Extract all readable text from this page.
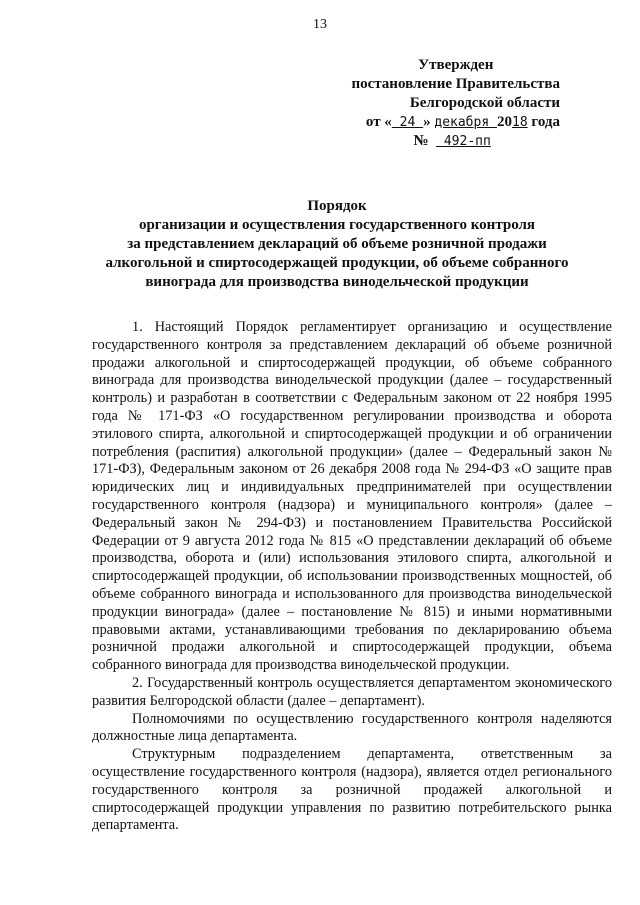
13
Утвержден
постановление Правительства
Белгородской области
от « 24 » декабря 2018 года
№   492-пп
Порядок
организации и осуществления государственного контроля
за представлением деклараций об объеме розничной продажи
алкогольной и спиртосодержащей продукции, об объеме собранного
винограда для производства винодельческой продукции

1. Настоящий Порядок регламентирует организацию и осуществление государственного контроля за представлением деклараций об объеме розничной продажи алкогольной и спиртосодержащей продукции, об объеме собранного винограда для производства винодельческой продукции (далее – государственный контроль) и разработан в соответствии с Федеральным законом от 22 ноября 1995 года № 171-ФЗ «О государственном регулировании производства и оборота этилового спирта, алкогольной и спиртосодержащей продукции и об ограничении потребления (распития) алкогольной продукции» (далее – Федеральный закон № 171-ФЗ), Федеральным законом от 26 декабря 2008 года № 294-ФЗ «О защите прав юридических лиц и индивидуальных предпринимателей при осуществлении государственного контроля (надзора) и муниципального контроля» (далее – Федеральный закон № 294-ФЗ) и постановлением Правительства Российской Федерации от 9 августа 2012 года № 815 «О представлении деклараций об объеме производства, оборота и (или) использования этилового спирта, алкогольной и спиртосодержащей продукции, об использовании производственных мощностей, об объеме собранного винограда и использованного для производства винодельческой продукции винограда» (далее – постановление № 815) и иными нормативными правовыми актами, устанавливающими требования по декларированию объема розничной продажи алкогольной и спиртосодержащей продукции, объема собранного винограда для производства винодельческой продукции.

2. Государственный контроль осуществляется департаментом экономического развития Белгородской области (далее – департамент).

Полномочиями по осуществлению государственного контроля наделяются должностные лица департамента.

Структурным подразделением департамента, ответственным за осуществление государственного контроля (надзора), является отдел регионального государственного контроля за розничной продажей алкогольной и спиртосодержащей продукции управления по развитию потребительского рынка департамента.
